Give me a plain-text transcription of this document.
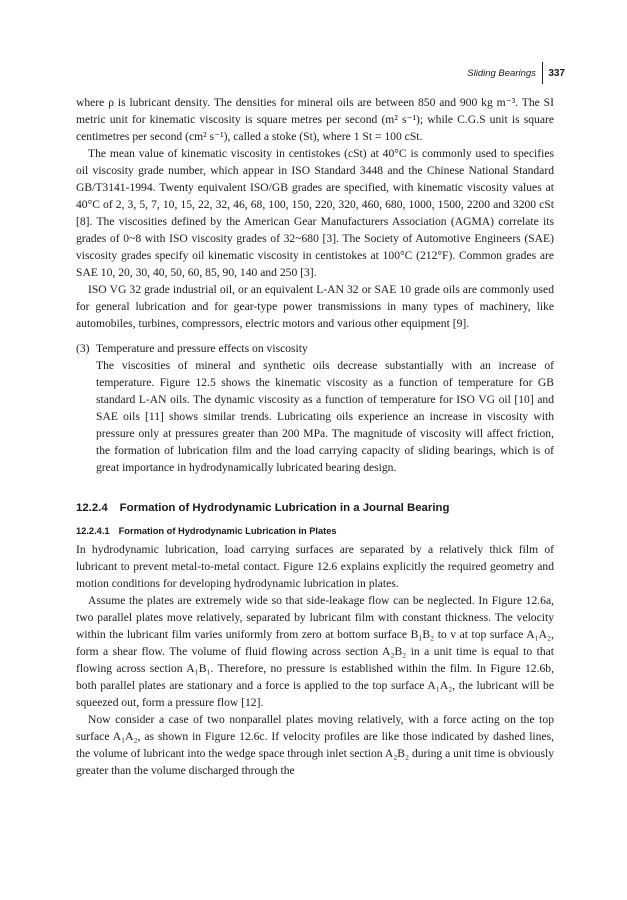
Sliding Bearings 337

where ρ is lubricant density. The densities for mineral oils are between 850 and 900 kg m⁻³. The SI metric unit for kinematic viscosity is square metres per second (m² s⁻¹); while C.G.S unit is square centimetres per second (cm² s⁻¹), called a stoke (St), where 1 St = 100 cSt.

The mean value of kinematic viscosity in centistokes (cSt) at 40°C is commonly used to specifies oil viscosity grade number, which appear in ISO Standard 3448 and the Chinese National Standard GB/T3141-1994. Twenty equivalent ISO/GB grades are specified, with kinematic viscosity values at 40°C of 2, 3, 5, 7, 10, 15, 22, 32, 46, 68, 100, 150, 220, 320, 460, 680, 1000, 1500, 2200 and 3200 cSt [8]. The viscosities defined by the American Gear Manufacturers Association (AGMA) correlate its grades of 0~8 with ISO viscosity grades of 32~680 [3]. The Society of Automotive Engineers (SAE) viscosity grades specify oil kinematic viscosity in centistokes at 100°C (212°F). Common grades are SAE 10, 20, 30, 40, 50, 60, 85, 90, 140 and 250 [3].

ISO VG 32 grade industrial oil, or an equivalent L-AN 32 or SAE 10 grade oils are commonly used for general lubrication and for gear-type power transmissions in many types of machinery, like automobiles, turbines, compressors, electric motors and various other equipment [9].

(3) Temperature and pressure effects on viscosity

The viscosities of mineral and synthetic oils decrease substantially with an increase of temperature. Figure 12.5 shows the kinematic viscosity as a function of temperature for GB standard L-AN oils. The dynamic viscosity as a function of temperature for ISO VG oil [10] and SAE oils [11] shows similar trends. Lubricating oils experience an increase in viscosity with pressure only at pressures greater than 200 MPa. The magnitude of viscosity will affect friction, the formation of lubrication film and the load carrying capacity of sliding bearings, which is of great importance in hydrodynamically lubricated bearing design.

12.2.4 Formation of Hydrodynamic Lubrication in a Journal Bearing
12.2.4.1 Formation of Hydrodynamic Lubrication in Plates

In hydrodynamic lubrication, load carrying surfaces are separated by a relatively thick film of lubricant to prevent metal-to-metal contact. Figure 12.6 explains explicitly the required geometry and motion conditions for developing hydrodynamic lubrication in plates.

Assume the plates are extremely wide so that side-leakage flow can be neglected. In Figure 12.6a, two parallel plates move relatively, separated by lubricant film with constant thickness. The velocity within the lubricant film varies uniformly from zero at bottom surface B₁B₂ to v at top surface A₁A₂, form a shear flow. The volume of fluid flowing across section A₂B₂ in a unit time is equal to that flowing across section A₁B₁. Therefore, no pressure is established within the film. In Figure 12.6b, both parallel plates are stationary and a force is applied to the top surface A₁A₂, the lubricant will be squeezed out, form a pressure flow [12].

Now consider a case of two nonparallel plates moving relatively, with a force acting on the top surface A₁A₂, as shown in Figure 12.6c. If velocity profiles are like those indicated by dashed lines, the volume of lubricant into the wedge space through inlet section A₂B₂ during a unit time is obviously greater than the volume discharged through the
